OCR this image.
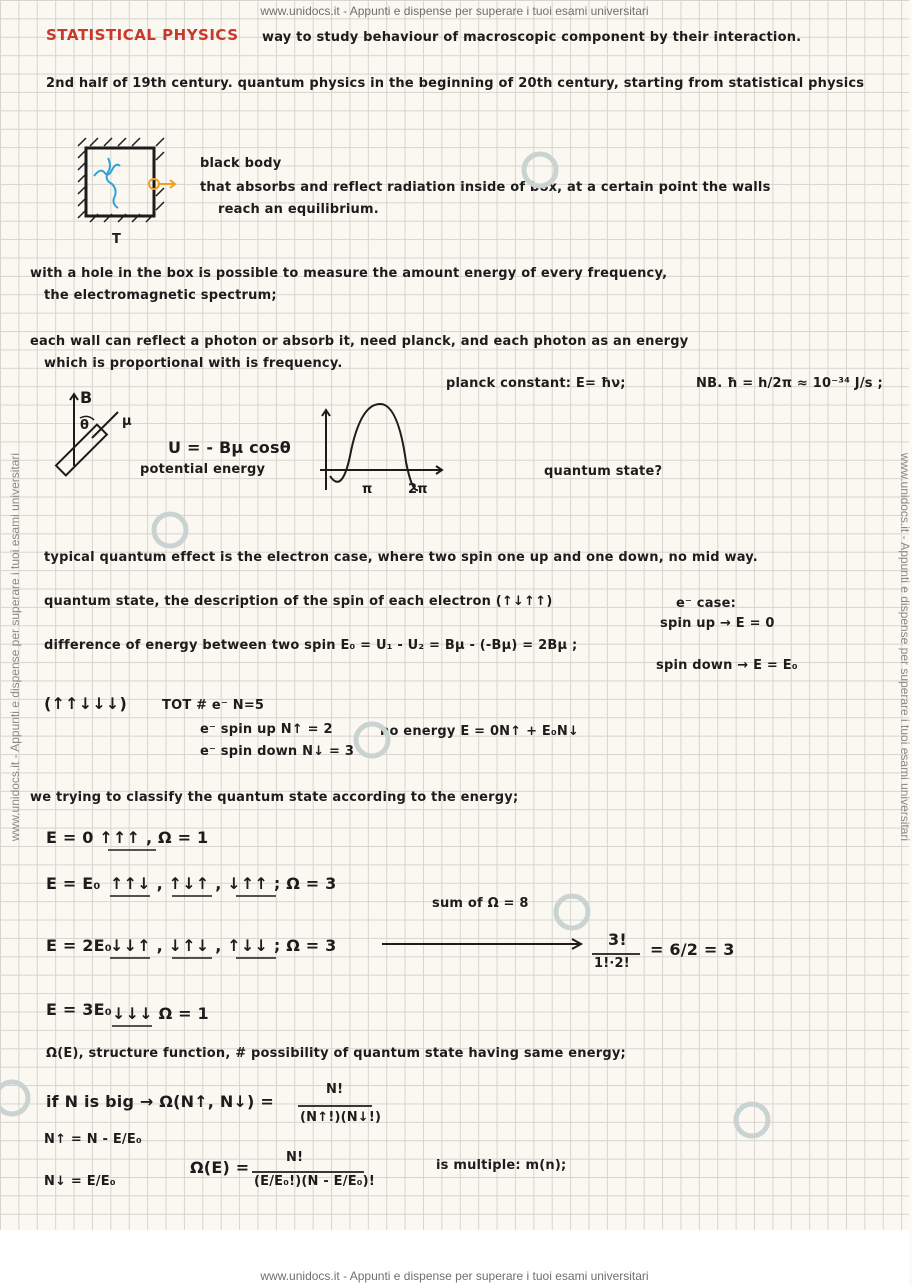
www.unidocs.it - Appunti e dispense per superare i tuoi esami universitari
www.unidocs.it - Appunti e dispense per superare i tuoi esami universitari
www.unidocs.it - Appunti e dispense per superare i tuoi esami universitari	www.unidocs.it - Appunti e dispense per superare i tuoi esami universitari
STATISTICAL PHYSICS way to study behaviour of macroscopic component by their interaction.
2nd half of 19th century. quantum physics in the beginning of 20th century, starting from statistical physics
black body
that absorbs and reflect radiation inside of box, at a certain point the walls
reach an equilibrium.
T
with a hole in the box is possible to measure the amount energy of every frequency,
the electromagnetic spectrum;
each wall can reflect a photon or absorb it, need planck, and each photon as an energy
which is proportional with is frequency.
planck constant: E= ħν;	NB. ħ = h/2π ≈ 10⁻³⁴ J/s ;
B
θ	μ
U = - Bμ cosθ
potential energy
π	2π
quantum state?
typical quantum effect is the electron case, where two spin one up and one down, no mid way.
quantum state, the description of the spin of each electron (↑↓↑↑)
difference of energy between two spin E₀ = U₁ - U₂ = Bμ - (-Bμ) = 2Bμ ;
e⁻ case:
spin up → E = 0
spin down → E = E₀
(↑↑↓↓↓)	TOT # e⁻ N=5
e⁻ spin up N↑ = 2
e⁻ spin down N↓ = 3
no energy E = 0N↑ + E₀N↓
we trying to classify the quantum state according to the energy;
E = 0 ↑↑↑ , Ω = 1
E = E₀ ↑↑↓ , ↑↓↑ , ↓↑↑ ; Ω = 3
sum of Ω = 8
E = 2E₀
↓↓↑ , ↓↑↓ , ↑↓↓ ; Ω = 3	3!
1!·2!
= 6/2 = 3
E = 3E₀ ↓↓↓ Ω = 1
Ω(E), structure function, # possibility of quantum state having same energy;
if N is big → Ω(N↑, N↓) =
N!
(N↑!)(N↓!)
N↑ = N - E/E₀
N↓ = E/E₀
Ω(E) =
N!
(E/E₀!)(N - E/E₀)!
is multiple: m(n);
